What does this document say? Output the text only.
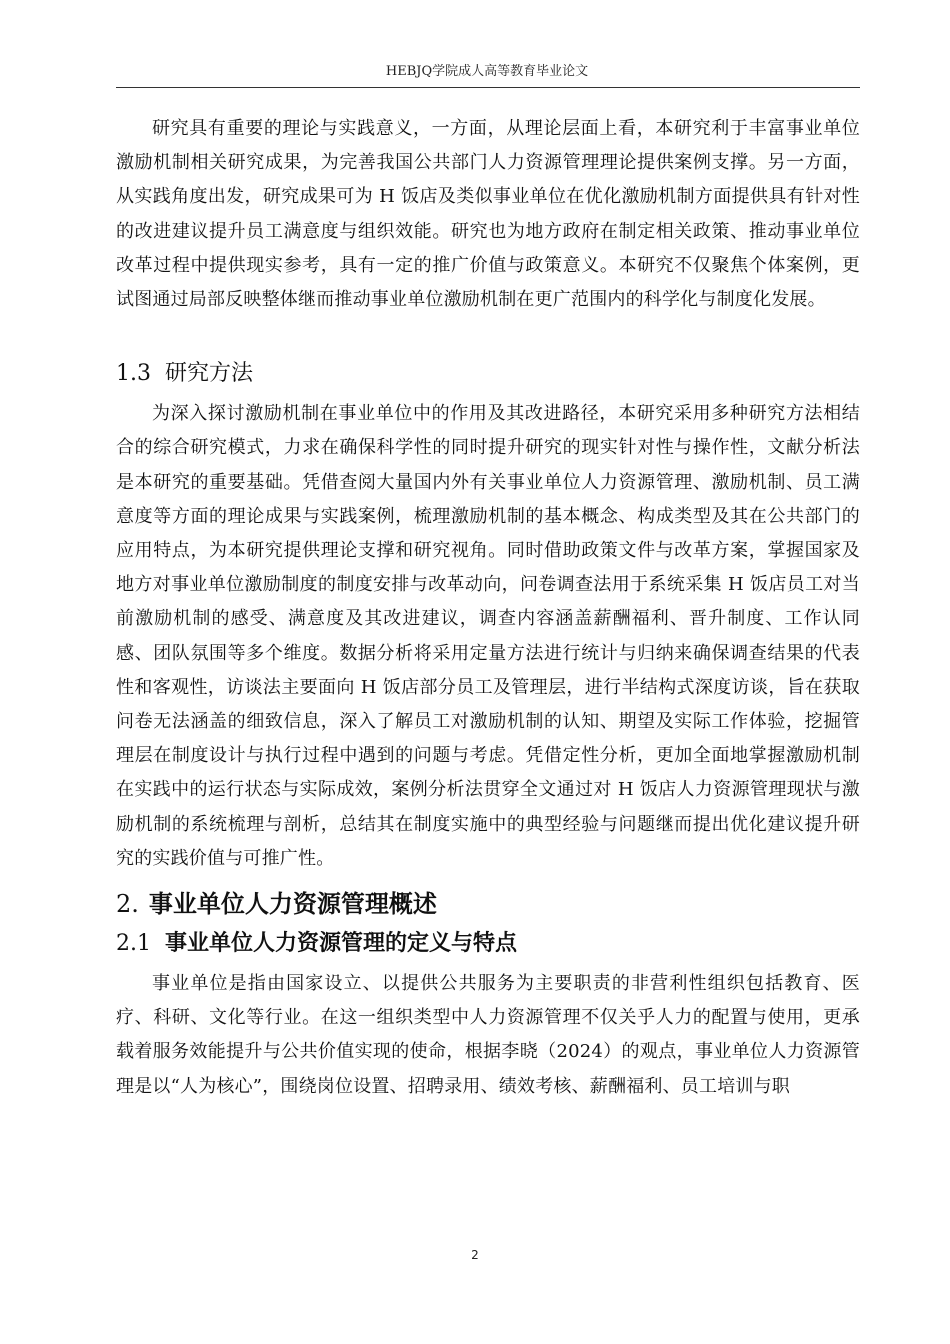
HEBJQ学院成人高等教育毕业论文

研究具有重要的理论与实践意义，一方面，从理论层面上看，本研究利于丰富事业单位激励机制相关研究成果，为完善我国公共部门人力资源管理理论提供案例支撑。另一方面，从实践角度出发，研究成果可为 H 饭店及类似事业单位在优化激励机制方面提供具有针对性的改进建议提升员工满意度与组织效能。研究也为地方政府在制定相关政策、推动事业单位改革过程中提供现实参考，具有一定的推广价值与政策意义。本研究不仅聚焦个体案例，更试图通过局部反映整体继而推动事业单位激励机制在更广范围内的科学化与制度化发展。

1.3 研究方法

为深入探讨激励机制在事业单位中的作用及其改进路径，本研究采用多种研究方法相结合的综合研究模式，力求在确保科学性的同时提升研究的现实针对性与操作性，文献分析法是本研究的重要基础。凭借查阅大量国内外有关事业单位人力资源管理、激励机制、员工满意度等方面的理论成果与实践案例，梳理激励机制的基本概念、构成类型及其在公共部门的应用特点，为本研究提供理论支撑和研究视角。同时借助政策文件与改革方案，掌握国家及地方对事业单位激励制度的制度安排与改革动向，问卷调查法用于系统采集 H 饭店员工对当前激励机制的感受、满意度及其改进建议，调查内容涵盖薪酬福利、晋升制度、工作认同感、团队氛围等多个维度。数据分析将采用定量方法进行统计与归纳来确保调查结果的代表性和客观性，访谈法主要面向 H 饭店部分员工及管理层，进行半结构式深度访谈，旨在获取问卷无法涵盖的细致信息，深入了解员工对激励机制的认知、期望及实际工作体验，挖掘管理层在制度设计与执行过程中遇到的问题与考虑。凭借定性分析，更加全面地掌握激励机制在实践中的运行状态与实际成效，案例分析法贯穿全文通过对 H 饭店人力资源管理现状与激励机制的系统梳理与剖析，总结其在制度实施中的典型经验与问题继而提出优化建议提升研究的实践价值与可推广性。

2. 事业单位人力资源管理概述
2.1 事业单位人力资源管理的定义与特点

事业单位是指由国家设立、以提供公共服务为主要职责的非营利性组织包括教育、医疗、科研、文化等行业。在这一组织类型中人力资源管理不仅关乎人力的配置与使用，更承载着服务效能提升与公共价值实现的使命，根据李晓（2024）的观点，事业单位人力资源管理是以“人为核心”，围绕岗位设置、招聘录用、绩效考核、薪酬福利、员工培训与职

2
